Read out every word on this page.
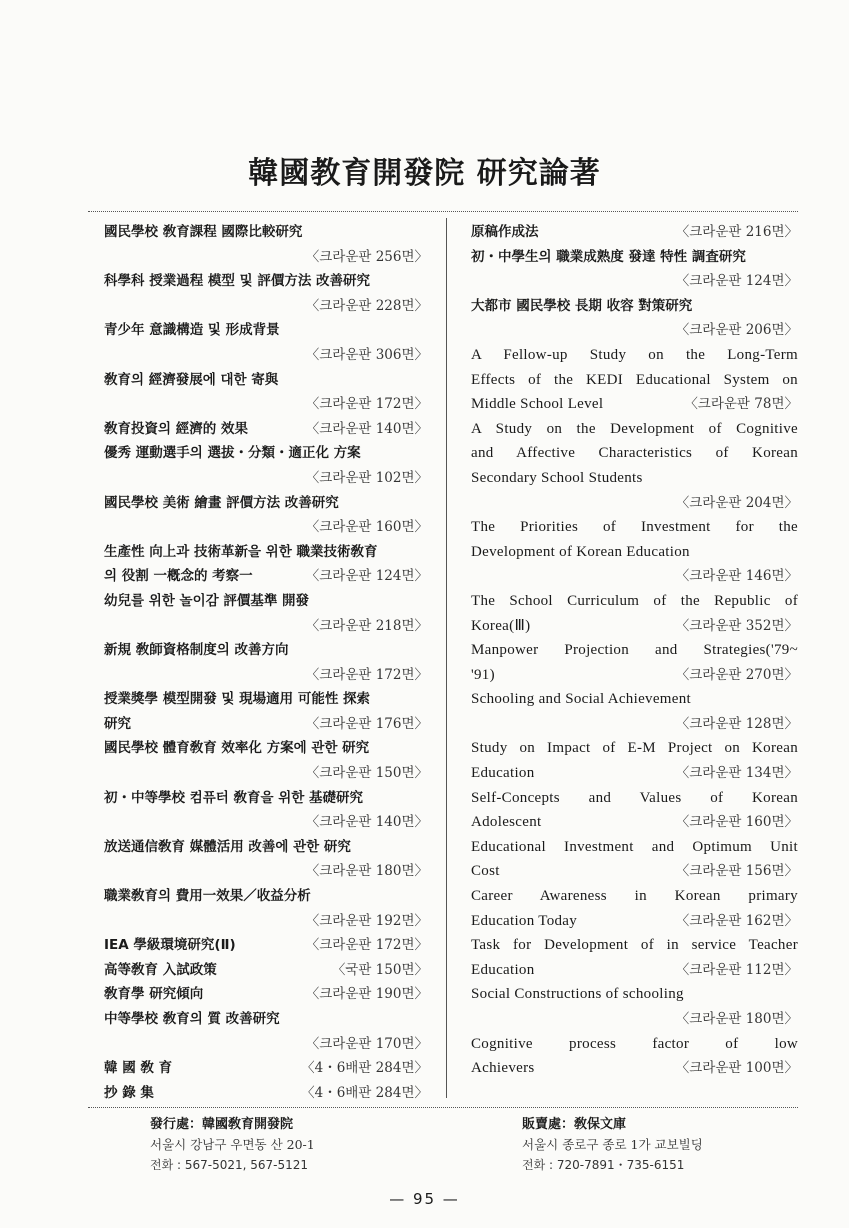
韓國教育開發院 研究論著
國民學校 敎育課程 國際比較研究
〈크라운판 256면〉
科學科 授業過程 模型 및 評價方法 改善研究
〈크라운판 228면〉
青少年 意識構造 및 形成背景
〈크라운판 306면〉
敎育의 經濟發展에 대한 寄與
〈크라운판 172면〉
敎育投資의 經濟的 效果	〈크라운판 140면〉
優秀 運動選手의 選拔・分類・適正化 方案
〈크라운판 102면〉
國民學校 美術 繪畫 評價方法 改善研究
〈크라운판 160면〉
生產性 向上과 技術革新을 위한 職業技術敎育
의 役割 一槪念的 考察一	〈크라운판 124면〉
幼兒를 위한 놀이감 評價基準 開發
〈크라운판 218면〉
新規 敎師資格制度의 改善方向
〈크라운판 172면〉
授業獎學 模型開發 및 現場適用 可能性 探索
研究	〈크라운판 176면〉
國民學校 體育敎育 效率化 方案에 관한 研究
〈크라운판 150면〉
初・中等學校 컴퓨터 敎育을 위한 基礎研究
〈크라운판 140면〉
放送通信敎育 媒體活用 改善에 관한 研究
〈크라운판 180면〉
職業敎育의 費用一效果／收益分析
〈크라운판 192면〉
IEA 學級環境研究(Ⅱ)	〈크라운판 172면〉
高等敎育 入試政策	〈국판 150면〉
敎育學 研究傾向	〈크라운판 190면〉
中等學校 敎育의 質 改善研究
〈크라운판 170면〉
韓 國 敎 育	〈4・6배판 284면〉
抄 錄 集	〈4・6배판 284면〉
原稿作成法	〈크라운판 216면〉
初・中學生의 職業成熟度 發達 特性 調査研究
〈크라운판 124면〉
大都市 國民學校 長期 收容 對策研究
〈크라운판 206면〉
A Fellow-up Study on the Long-Term
Effects of the KEDI Educational System on
Middle School Level	〈크라운판 78면〉
A Study on the Development of Cognitive
and Affective Characteristics of Korean
Secondary School Students
〈크라운판 204면〉
The Priorities of Investment for the
Development of Korean Education
〈크라운판 146면〉
The School Curriculum of the Republic of
Korea(Ⅲ)	〈크라운판 352면〉
Manpower Projection and Strategies('79~
'91)	〈크라운판 270면〉
Schooling and Social Achievement
〈크라운판 128면〉
Study on Impact of E-M Project on Korean
Education	〈크라운판 134면〉
Self-Concepts and Values of Korean
Adolescent	〈크라운판 160면〉
Educational Investment and Optimum Unit
Cost	〈크라운판 156면〉
Career Awareness in Korean primary
Education Today	〈크라운판 162면〉
Task for Development of in service Teacher
Education	〈크라운판 112면〉
Social Constructions of schooling
〈크라운판 180면〉
Cognitive process factor of low
Achievers	〈크라운판 100면〉
發行處：韓國敎育開發院
서울시 강남구 우면동 산 20-1
전화 : 567-5021, 567-5121
販賣處：敎保文庫
서울시 종로구 종로 1가 교보빌딩
전화 : 720-7891・735-6151
— 95 —
